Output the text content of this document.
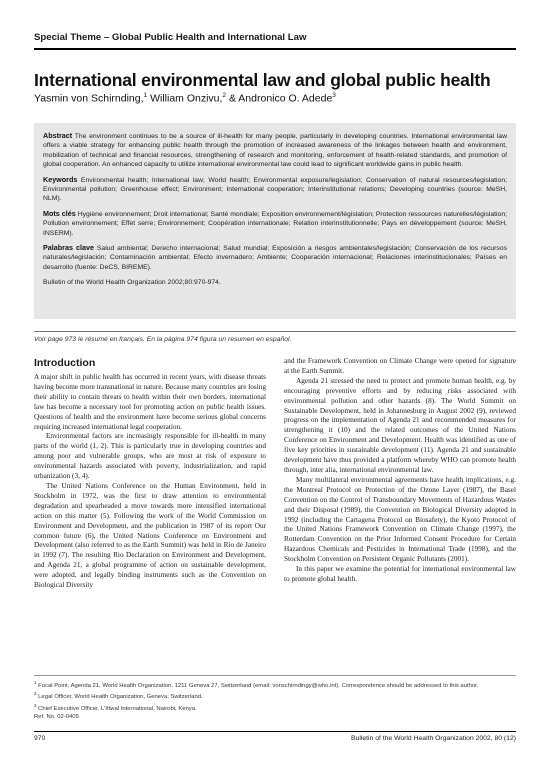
Special Theme – Global Public Health and International Law
International environmental law and global public health
Yasmin von Schirnding,$^1$ William Onzivu,$^2$ & Andronico O. Adede$^3$

Abstract The environment continues to be a source of ill-health for many people, particularly in developing countries. International environmental law offers a viable strategy for enhancing public health through the promotion of increased awareness of the linkages between health and environment, mobilization of technical and financial resources, strengthening of research and monitoring, enforcement of health-related standards, and promotion of global cooperation. An enhanced capacity to utilize international environmental law could lead to significant worldwide gains in public health.

Keywords Environmental health; International law; World health; Environmental exposure/legislation; Conservation of natural resources/legislation; Environmental pollution; Greenhouse effect; Environment; International cooperation; Interinstitutional relations; Developing countries (source: MeSH, NLM).

Mots clés Hygiène environnement; Droit international; Santé mondiale; Exposition environnement/législation; Protection ressources naturelles/législation; Pollution environnement; Effet serre; Environnement; Coopération internationale; Relation interinstitutionnelle; Pays en développement (source: MeSH, INSERM).

Palabras clave Salud ambiental; Derecho internacional; Salud mundial; Exposición a riesgos ambientales/legislación; Conservación de los recursos naturales/legislación; Contaminación ambiental; Efecto invernadero; Ambiente; Cooperación internacional; Relaciones interinstitucionales; Países en desarrollo (fuente: DeCS, BIREME).

Bulletin of the World Health Organization 2002;80:970-974.

Voir page 973 le résumé en français. En la página 974 figura un resumen en español.
Introduction

A major shift in public health has occurred in recent years, with disease threats having become more transnational in nature. Because many countries are losing their ability to contain threats to health within their own borders, international law has become a necessary tool for promoting action on public health issues. Questions of health and the environment have become serious global concerns requiring increased international legal cooperation.

Environmental factors are increasingly responsible for ill-health in many parts of the world (1, 2). This is particularly true in developing countries and among poor and vulnerable groups, who are most at risk of exposure to environmental hazards associated with poverty, industrialization, and rapid urbanization (3, 4).

The United Nations Conference on the Human Environment, held in Stockholm in 1972, was the first to draw attention to environmental degradation and spearheaded a move towards more intensified international action on this matter (5). Following the work of the World Commission on Environment and Development, and the publication in 1987 of its report Our common future (6), the United Nations Conference on Environment and Development (also referred to as the Earth Summit) was held in Rio de Janeiro in 1992 (7). The resulting Rio Declaration on Environment and Development, and Agenda 21, a global programme of action on sustainable development, were adopted, and legally binding instruments such as the Convention on Biological Diversity

and the Framework Convention on Climate Change were opened for signature at the Earth Summit.

Agenda 21 stressed the need to protect and promote human health, e.g. by encouraging preventive efforts and by reducing risks associated with environmental pollution and other hazards (8). The World Summit on Sustainable Development, held in Johannesburg in August 2002 (9), reviewed progress on the implementation of Agenda 21 and recommended measures for strengthening it (10) and the related outcomes of the United Nations Conference on Environment and Development. Health was identified as one of five key priorities in sustainable development (11). Agenda 21 and sustainable development have thus provided a platform whereby WHO can promote health through, inter alia, international environmental law.

Many multilateral environmental agreements have health implications, e.g. the Montreal Protocol on Protection of the Ozone Layer (1987), the Basel Convention on the Control of Transboundary Movements of Hazardous Wastes and their Disposal (1989), the Convention on Biological Diversity adopted in 1992 (including the Cartagena Protocol on Biosafety), the Kyoto Protocol of the United Nations Framework Convention on Climate Change (1997), the Rotterdam Convention on the Prior Informed Consent Procedure for Certain Hazardous Chemicals and Pesticides in International Trade (1998), and the Stockholm Convention on Persistent Organic Pollutants (2001).

In this paper we examine the potential for international environmental law to promote global health.

$^1$ Focal Point, Agenda 21, World Health Organization, 1211 Geneva 27, Switzerland (email: vonschirndingy@who.int). Correspondence should be addressed to this author.

$^2$ Legal Officer, World Health Organization, Geneva, Switzerland.

$^3$ Chief Executive Officer, L'Ittwal International, Nairobi, Kenya.

Ref. No. 02-0405

970	Bulletin of the World Health Organization 2002, 80 (12)
